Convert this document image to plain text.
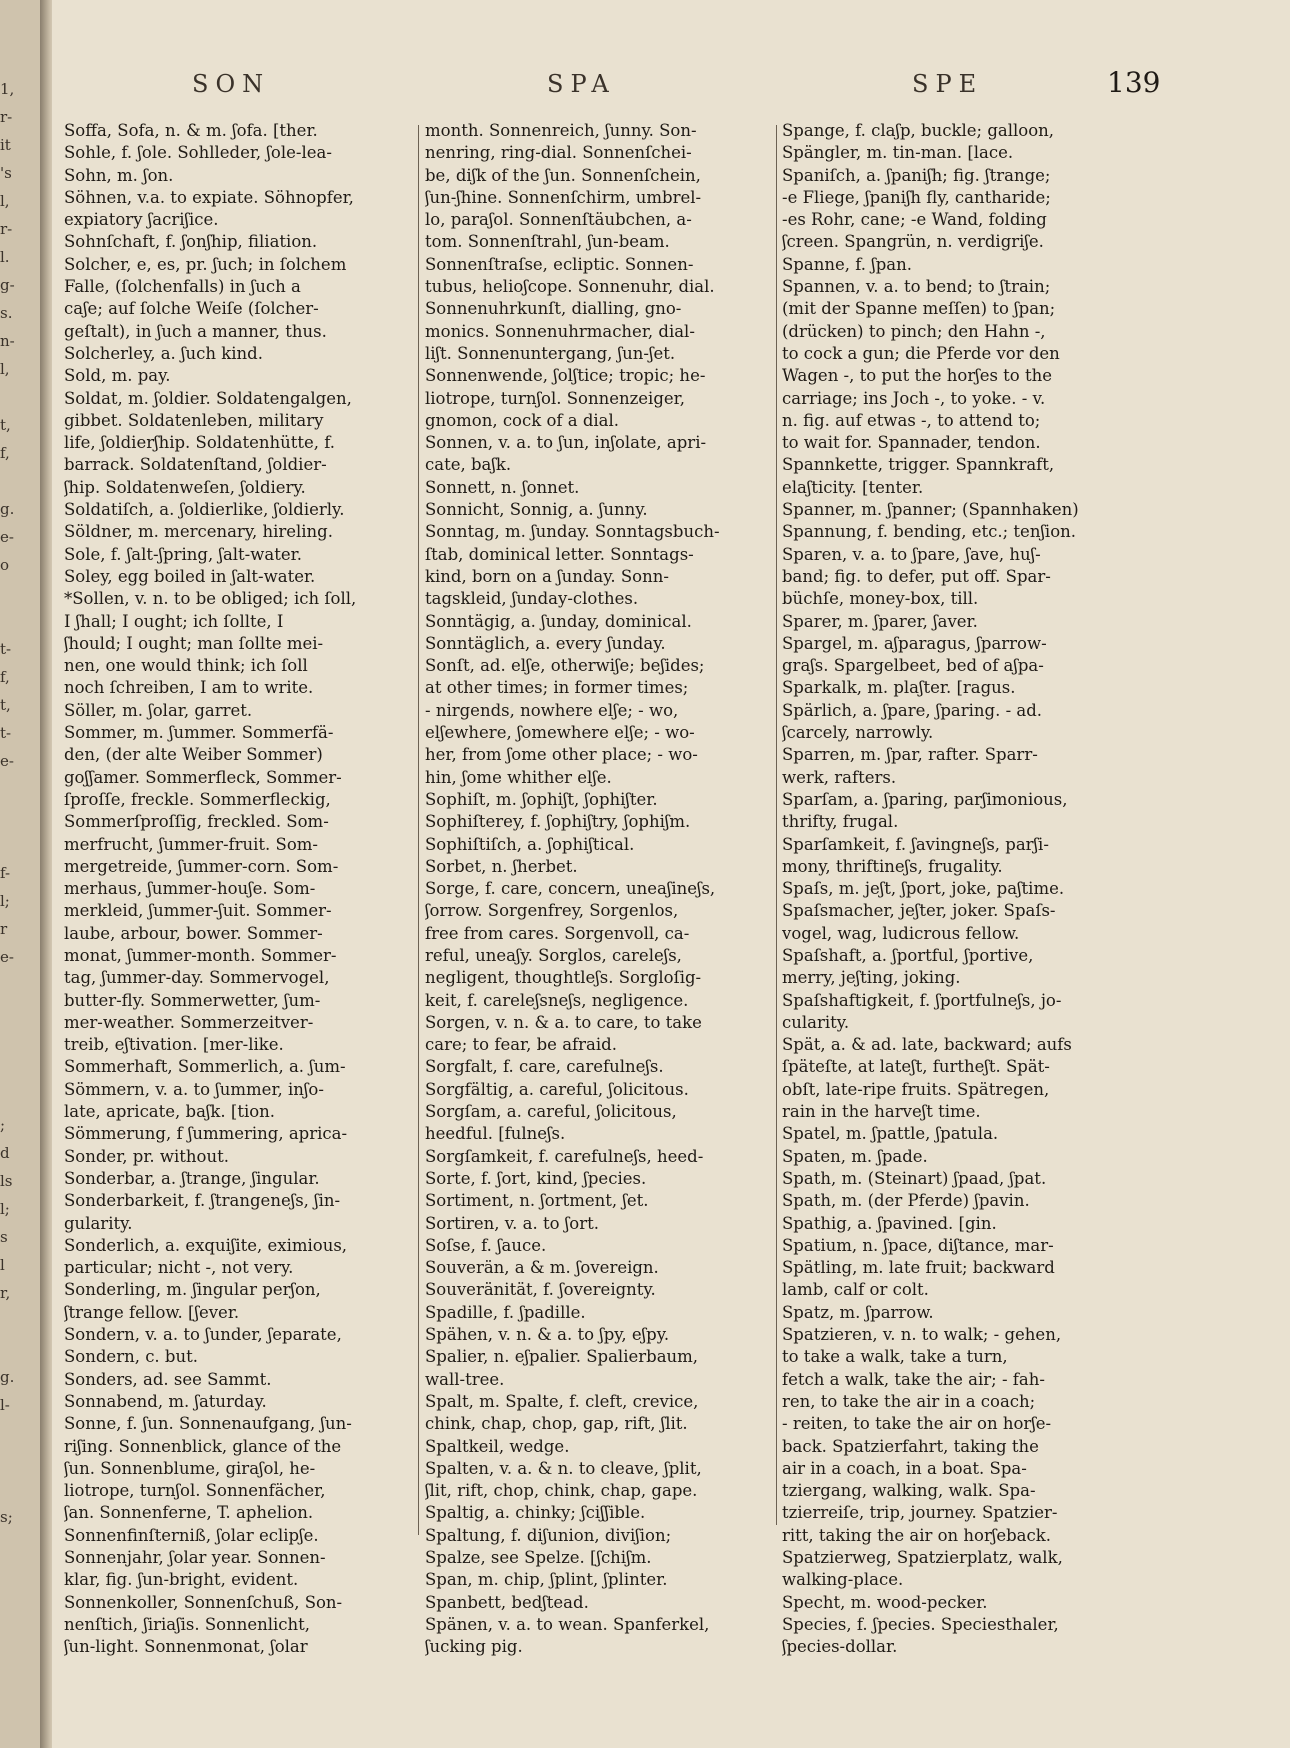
1,
r-
it
's
l,
r-
l.
g-
s.
n-
l,

t,
f,

g.
e-
o

t-
f,
t,
t-
e-

f-
l;
r
e-

;
d
ls
l;
s
l
r,

g.
l-

s;
SON	SPA	SPE	139
Soffa, Sofa, n. & m. ʃofa. [ther.
Sohle, f. ʃole. Sohlleder, ʃole-lea-
Sohn, m. ʃon.
Söhnen, v.a. to expiate. Söhnopfer,
expiatory ʃacriʃice.
Sohnſchaft, f. ʃonʃhip, filiation.
Solcher, e, es, pr. ʃuch; in ſolchem
Falle, (ſolchenfalls) in ʃuch a
caʃe; auf ſolche Weiſe (ſolcher-
geſtalt), in ʃuch a manner, thus.
Solcherley, a. ʃuch kind.
Sold, m. pay.
Soldat, m. ʃoldier. Soldatengalgen,
gibbet. Soldatenleben, military
life, ʃoldierʃhip. Soldatenhütte, f.
barrack. Soldatenſtand, ʃoldier-
ʃhip. Soldatenweſen, ʃoldiery.
Soldatiſch, a. ʃoldierlike, ʃoldierly.
Söldner, m. mercenary, hireling.
Sole, f. ʃalt-ʃpring, ʃalt-water.
Soley, egg boiled in ʃalt-water.
*Sollen, v. n. to be obliged; ich ſoll,
I ʃhall; I ought; ich ſollte, I
ʃhould; I ought; man ſollte mei-
nen, one would think; ich ſoll
noch ſchreiben, I am to write.
Söller, m. ʃolar, garret.
Sommer, m. ʃummer. Sommerfä-
den, (der alte Weiber Sommer)
goʃʃamer. Sommerfleck, Sommer-
ſproſſe, freckle. Sommerfleckig,
Sommerſproſſig, freckled. Som-
merfrucht, ʃummer-fruit. Som-
mergetreide, ʃummer-corn. Som-
merhaus, ʃummer-houʃe. Som-
merkleid, ʃummer-ʃuit. Sommer-
laube, arbour, bower. Sommer-
monat, ʃummer-month. Sommer-
tag, ʃummer-day. Sommervogel,
butter-fly. Sommerwetter, ʃum-
mer-weather. Sommerzeitver-
treib, eʃtivation. [mer-like.
Sommerhaft, Sommerlich, a. ʃum-
Sömmern, v. a. to ʃummer, inʃo-
late, apricate, baʃk. [tion.
Sömmerung, f ʃummering, aprica-
Sonder, pr. without.
Sonderbar, a. ʃtrange, ʃingular.
Sonderbarkeit, f. ʃtrangeneʃs, ʃin-
gularity.
Sonderlich, a. exquiʃite, eximious,
particular; nicht -, not very.
Sonderling, m. ʃingular perʃon,
ʃtrange fellow. [ʃever.
Sondern, v. a. to ʃunder, ʃeparate,
Sondern, c. but.
Sonders, ad. see Sammt.
Sonnabend, m. ʃaturday.
Sonne, f. ʃun. Sonnenaufgang, ʃun-
riʃing. Sonnenblick, glance of the
ʃun. Sonnenblume, giraʃol, he-
liotrope, turnʃol. Sonnenfächer,
ʃan. Sonnenferne, T. aphelion.
Sonnenfinſterniß, ʃolar eclipʃe.
Sonnenjahr, ʃolar year. Sonnen-
klar, fig. ʃun-bright, evident.
Sonnenkoller, Sonnenſchuß, Son-
nenſtich, ʃiriaʃis. Sonnenlicht,
ʃun-light. Sonnenmonat, ʃolar
month. Sonnenreich, ʃunny. Son-
nenring, ring-dial. Sonnenſchei-
be, diʃk of the ʃun. Sonnenſchein,
ʃun-ʃhine. Sonnenſchirm, umbrel-
lo, paraʃol. Sonnenſtäubchen, a-
tom. Sonnenſtrahl, ʃun-beam.
Sonnenſtraſse, ecliptic. Sonnen-
tubus, helioʃcope. Sonnenuhr, dial.
Sonnenuhrkunſt, dialling, gno-
monics. Sonnenuhrmacher, dial-
liʃt. Sonnenuntergang, ʃun-ʃet.
Sonnenwende, ʃolʃtice; tropic; he-
liotrope, turnʃol. Sonnenzeiger,
gnomon, cock of a dial.
Sonnen, v. a. to ʃun, inʃolate, apri-
cate, baʃk.
Sonnett, n. ʃonnet.
Sonnicht, Sonnig, a. ʃunny.
Sonntag, m. ʃunday. Sonntagsbuch-
ſtab, dominical letter. Sonntags-
kind, born on a ʃunday. Sonn-
tagskleid, ʃunday-clothes.
Sonntägig, a. ʃunday, dominical.
Sonntäglich, a. every ʃunday.
Sonſt, ad. elʃe, otherwiʃe; beʃides;
at other times; in former times;
- nirgends, nowhere elʃe; - wo,
elʃewhere, ʃomewhere elʃe; - wo-
her, from ʃome other place; - wo-
hin, ʃome whither elʃe.
Sophiſt, m. ʃophiʃt, ʃophiʃter.
Sophiſterey, f. ʃophiʃtry, ʃophiʃm.
Sophiſtiſch, a. ʃophiʃtical.
Sorbet, n. ʃherbet.
Sorge, f. care, concern, uneaʃineʃs,
ʃorrow. Sorgenfrey, Sorgenlos,
free from cares. Sorgenvoll, ca-
reful, uneaʃy. Sorglos, careleʃs,
negligent, thoughtleʃs. Sorgloſig-
keit, f. careleʃsneʃs, negligence.
Sorgen, v. n. & a. to care, to take
care; to fear, be afraid.
Sorgfalt, f. care, carefulneʃs.
Sorgfältig, a. careful, ʃolicitous.
Sorgſam, a. careful, ʃolicitous,
heedful. [fulneʃs.
Sorgſamkeit, f. carefulneʃs, heed-
Sorte, f. ʃort, kind, ʃpecies.
Sortiment, n. ʃortment, ʃet.
Sortiren, v. a. to ʃort.
Soſse, f. ʃauce.
Souverän, a & m. ʃovereign.
Souveränität, f. ʃovereignty.
Spadille, f. ʃpadille.
Spähen, v. n. & a. to ʃpy, eʃpy.
Spalier, n. eʃpalier. Spalierbaum,
wall-tree.
Spalt, m. Spalte, f. cleft, crevice,
chink, chap, chop, gap, rift, ʃlit.
Spaltkeil, wedge.
Spalten, v. a. & n. to cleave, ʃplit,
ʃlit, rift, chop, chink, chap, gape.
Spaltig, a. chinky; ʃciʃʃible.
Spaltung, f. diʃunion, diviʃion;
Spalze, see Spelze. [ʃchiʃm.
Span, m. chip, ʃplint, ʃplinter.
Spanbett, bedʃtead.
Spänen, v. a. to wean. Spanferkel,
ʃucking pig.
Spange, f. claʃp, buckle; galloon,
Spängler, m. tin-man. [lace.
Spaniſch, a. ʃpaniʃh; fig. ʃtrange;
-e Fliege, ʃpaniʃh fly, cantharide;
-es Rohr, cane; -e Wand, folding
ʃcreen. Spangrün, n. verdigriʃe.
Spanne, f. ʃpan.
Spannen, v. a. to bend; to ʃtrain;
(mit der Spanne meſſen) to ʃpan;
(drücken) to pinch; den Hahn -,
to cock a gun; die Pferde vor den
Wagen -, to put the horʃes to the
carriage; ins Joch -, to yoke. - v.
n. fig. auf etwas -, to attend to;
to wait for. Spannader, tendon.
Spannkette, trigger. Spannkraft,
elaʃticity. [tenter.
Spanner, m. ʃpanner; (Spannhaken)
Spannung, f. bending, etc.; tenʃion.
Sparen, v. a. to ʃpare, ʃave, huʃ-
band; fig. to defer, put off. Spar-
büchſe, money-box, till.
Sparer, m. ʃparer, ʃaver.
Spargel, m. aʃparagus, ʃparrow-
graʃs. Spargelbeet, bed of aʃpa-
Sparkalk, m. plaʃter. [ragus.
Spärlich, a. ʃpare, ʃparing. - ad.
ʃcarcely, narrowly.
Sparren, m. ʃpar, rafter. Sparr-
werk, rafters.
Sparſam, a. ʃparing, parʃimonious,
thrifty, frugal.
Sparſamkeit, f. ʃavingneʃs, parʃi-
mony, thriftineʃs, frugality.
Spaſs, m. jeʃt, ʃport, joke, paʃtime.
Spaſsmacher, jeʃter, joker. Spaſs-
vogel, wag, ludicrous fellow.
Spaſshaft, a. ʃportful, ʃportive,
merry, jeʃting, joking.
Spaſshaftigkeit, f. ʃportfulneʃs, jo-
cularity.
Spät, a. & ad. late, backward; aufs
ſpäteſte, at lateʃt, furtheʃt. Spät-
obſt, late-ripe fruits. Spätregen,
rain in the harveʃt time.
Spatel, m. ʃpattle, ʃpatula.
Spaten, m. ʃpade.
Spath, m. (Steinart) ʃpaad, ʃpat.
Spath, m. (der Pferde) ʃpavin.
Spathig, a. ʃpavined. [gin.
Spatium, n. ʃpace, diʃtance, mar-
Spätling, m. late fruit; backward
lamb, calf or colt.
Spatz, m. ʃparrow.
Spatzieren, v. n. to walk; - gehen,
to take a walk, take a turn,
fetch a walk, take the air; - fah-
ren, to take the air in a coach;
- reiten, to take the air on horʃe-
back. Spatzierfahrt, taking the
air in a coach, in a boat. Spa-
tziergang, walking, walk. Spa-
tzierreiſe, trip, journey. Spatzier-
ritt, taking the air on horʃeback.
Spatzierweg, Spatzierplatz, walk,
walking-place.
Specht, m. wood-pecker.
Species, f. ʃpecies. Speciesthaler,
ʃpecies-dollar.
